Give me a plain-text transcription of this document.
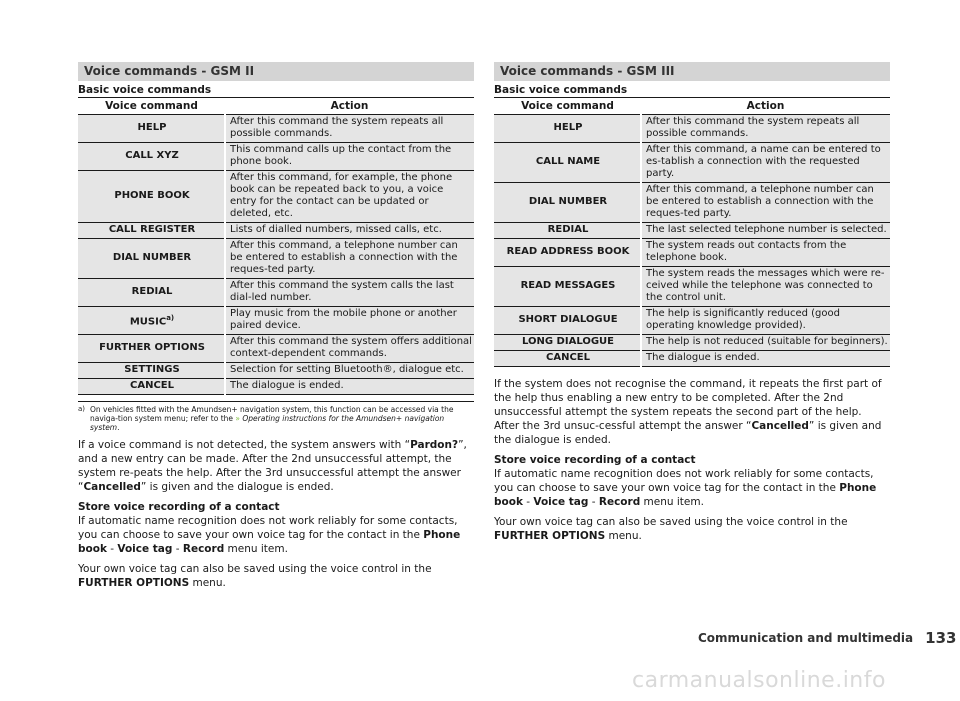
Voice commands - GSM II
Basic voice commands
Voice command	Action
HELP	After this command the system repeats all possible commands.
CALL XYZ	This command calls up the contact from the phone book.
PHONE BOOK	After this command, for example, the phone book can be repeated back to you, a voice entry for the contact can be updated or deleted, etc.
CALL REGISTER	Lists of dialled numbers, missed calls, etc.
DIAL NUMBER	After this command, a telephone number can be entered to establish a connection with the reques-ted party.
REDIAL	After this command the system calls the last dial-led number.
MUSIC$^{a)}$	Play music from the mobile phone or another paired device.
FURTHER OPTIONS	After this command the system offers additional context-dependent commands.
SETTINGS	Selection for setting Bluetooth®, dialogue etc.
CANCEL	The dialogue is ended.
$^{a)}$ On vehicles fitted with the Amundsen+ navigation system, this function can be accessed via the naviga-tion system menu; refer to the » Operating instructions for the Amundsen+ navigation system.

If a voice command is not detected, the system answers with “Pardon?”, and a new entry can be made. After the 2nd unsuccessful attempt, the system re-peats the help. After the 3rd unsuccessful attempt the answer “Cancelled” is given and the dialogue is ended.

Store voice recording of a contact
If automatic name recognition does not work reliably for some contacts, you can choose to save your own voice tag for the contact in the Phone book - Voice tag - Record menu item.

Your own voice tag can also be saved using the voice control in the FURTHER OPTIONS menu.

Voice commands - GSM III
Basic voice commands
Voice command	Action
HELP	After this command the system repeats all possible commands.
CALL NAME	After this command, a name can be entered to es-tablish a connection with the requested party.
DIAL NUMBER	After this command, a telephone number can be entered to establish a connection with the reques-ted party.
REDIAL	The last selected telephone number is selected.
READ ADDRESS BOOK	The system reads out contacts from the telephone book.
READ MESSAGES	The system reads the messages which were re-ceived while the telephone was connected to the control unit.
SHORT DIALOGUE	The help is significantly reduced (good operating knowledge provided).
LONG DIALOGUE	The help is not reduced (suitable for beginners).
CANCEL	The dialogue is ended.

If the system does not recognise the command, it repeats the first part of the help thus enabling a new entry to be completed. After the 2nd unsuccessful attempt the system repeats the second part of the help. After the 3rd unsuc-cessful attempt the answer “Cancelled” is given and the dialogue is ended.

Store voice recording of a contact
If automatic name recognition does not work reliably for some contacts, you can choose to save your own voice tag for the contact in the Phone book - Voice tag - Record menu item.

Your own voice tag can also be saved using the voice control in the FURTHER OPTIONS menu.

Communication and multimedia 133
carmanualsonline.info
